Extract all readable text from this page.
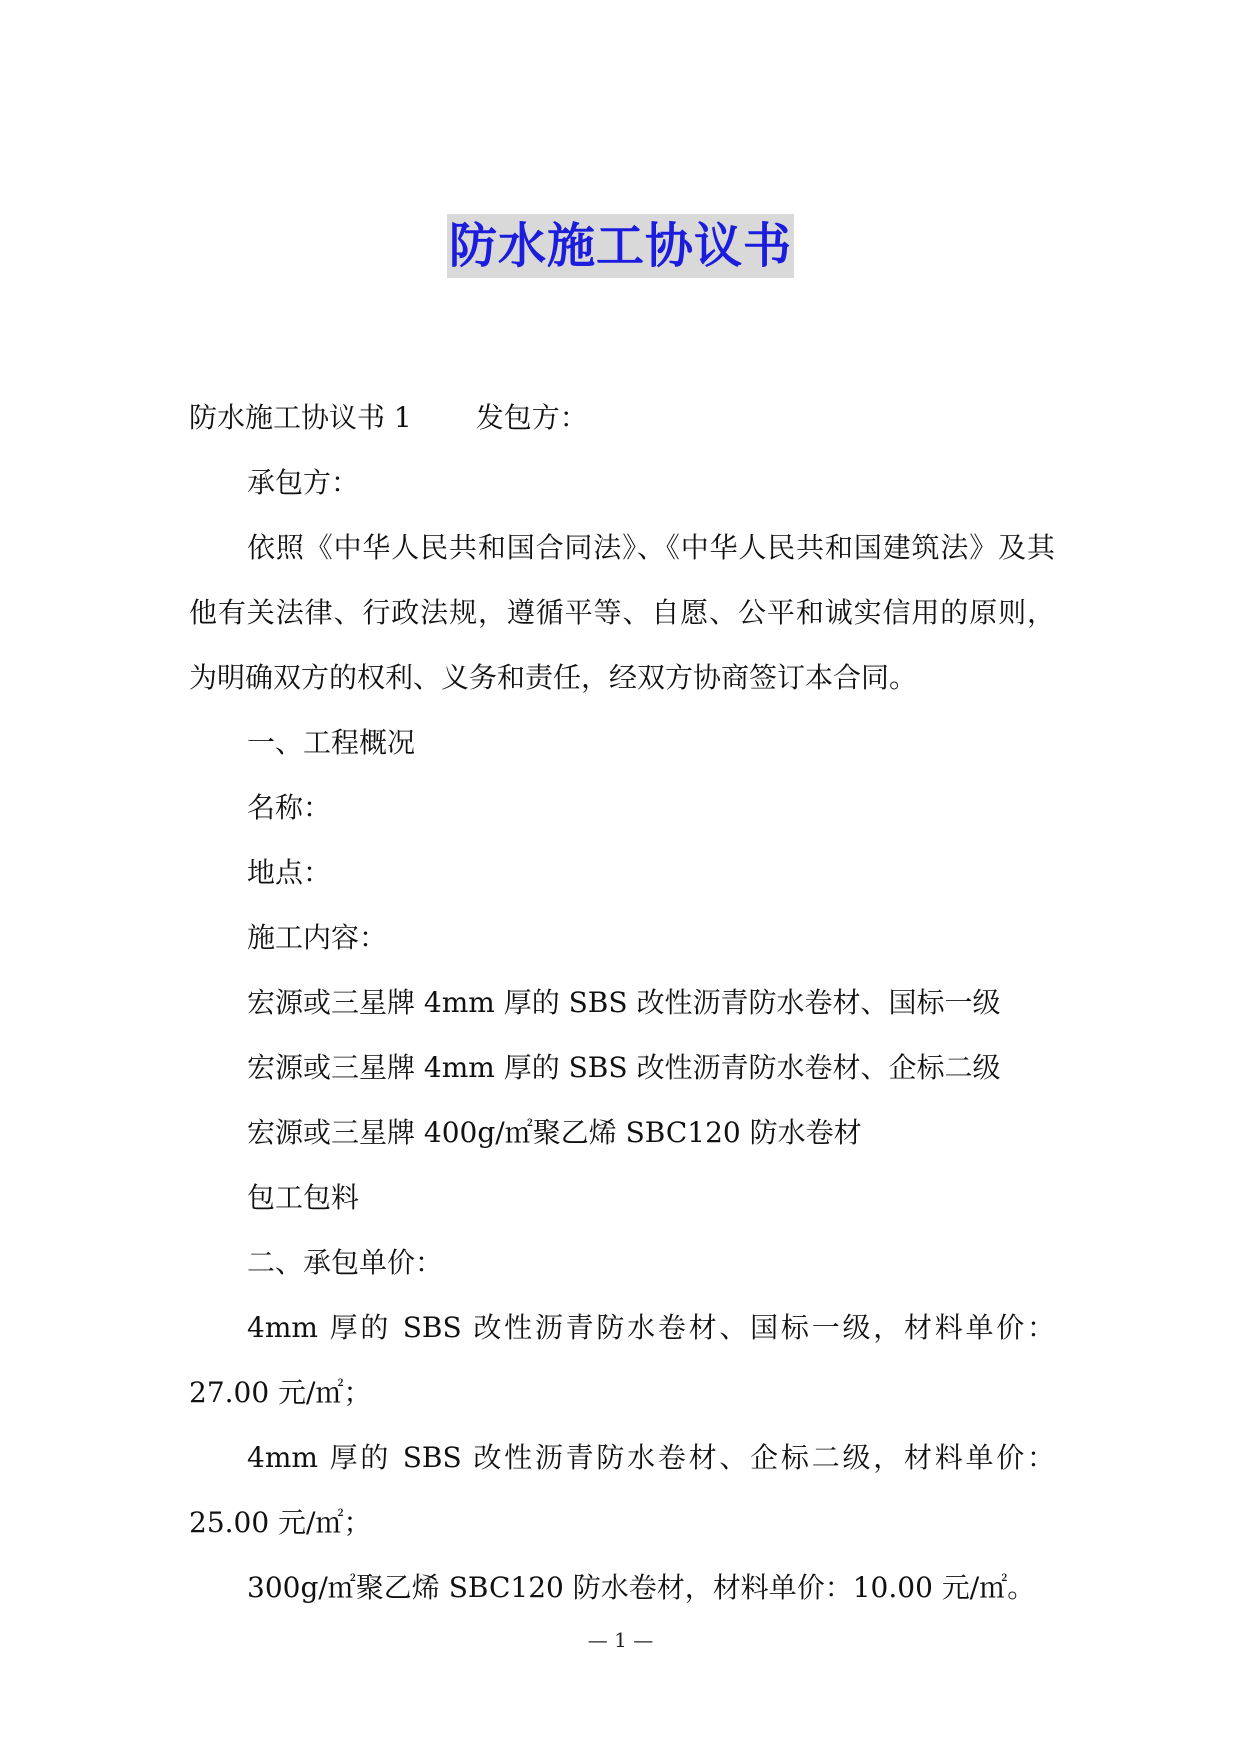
防水施工协议书

防水施工协议书 1 发包方：

承包方：

依照《中华人民共和国合同法》、《中华人民共和国建筑法》及其他有关法律、行政法规，遵循平等、自愿、公平和诚实信用的原则，为明确双方的权利、义务和责任，经双方协商签订本合同。

一、工程概况

名称：

地点：

施工内容：

宏源或三星牌 4mm 厚的 SBS 改性沥青防水卷材、国标一级

宏源或三星牌 4mm 厚的 SBS 改性沥青防水卷材、企标二级

宏源或三星牌 400g/㎡聚乙烯 SBC120 防水卷材

包工包料

二、承包单价：

4mm 厚的 SBS 改性沥青防水卷材、国标一级，材料单价：27.00 元/㎡；

4mm 厚的 SBS 改性沥青防水卷材、企标二级，材料单价：25.00 元/㎡；

300g/㎡聚乙烯 SBC120 防水卷材，材料单价：10.00 元/㎡。

— 1 —
